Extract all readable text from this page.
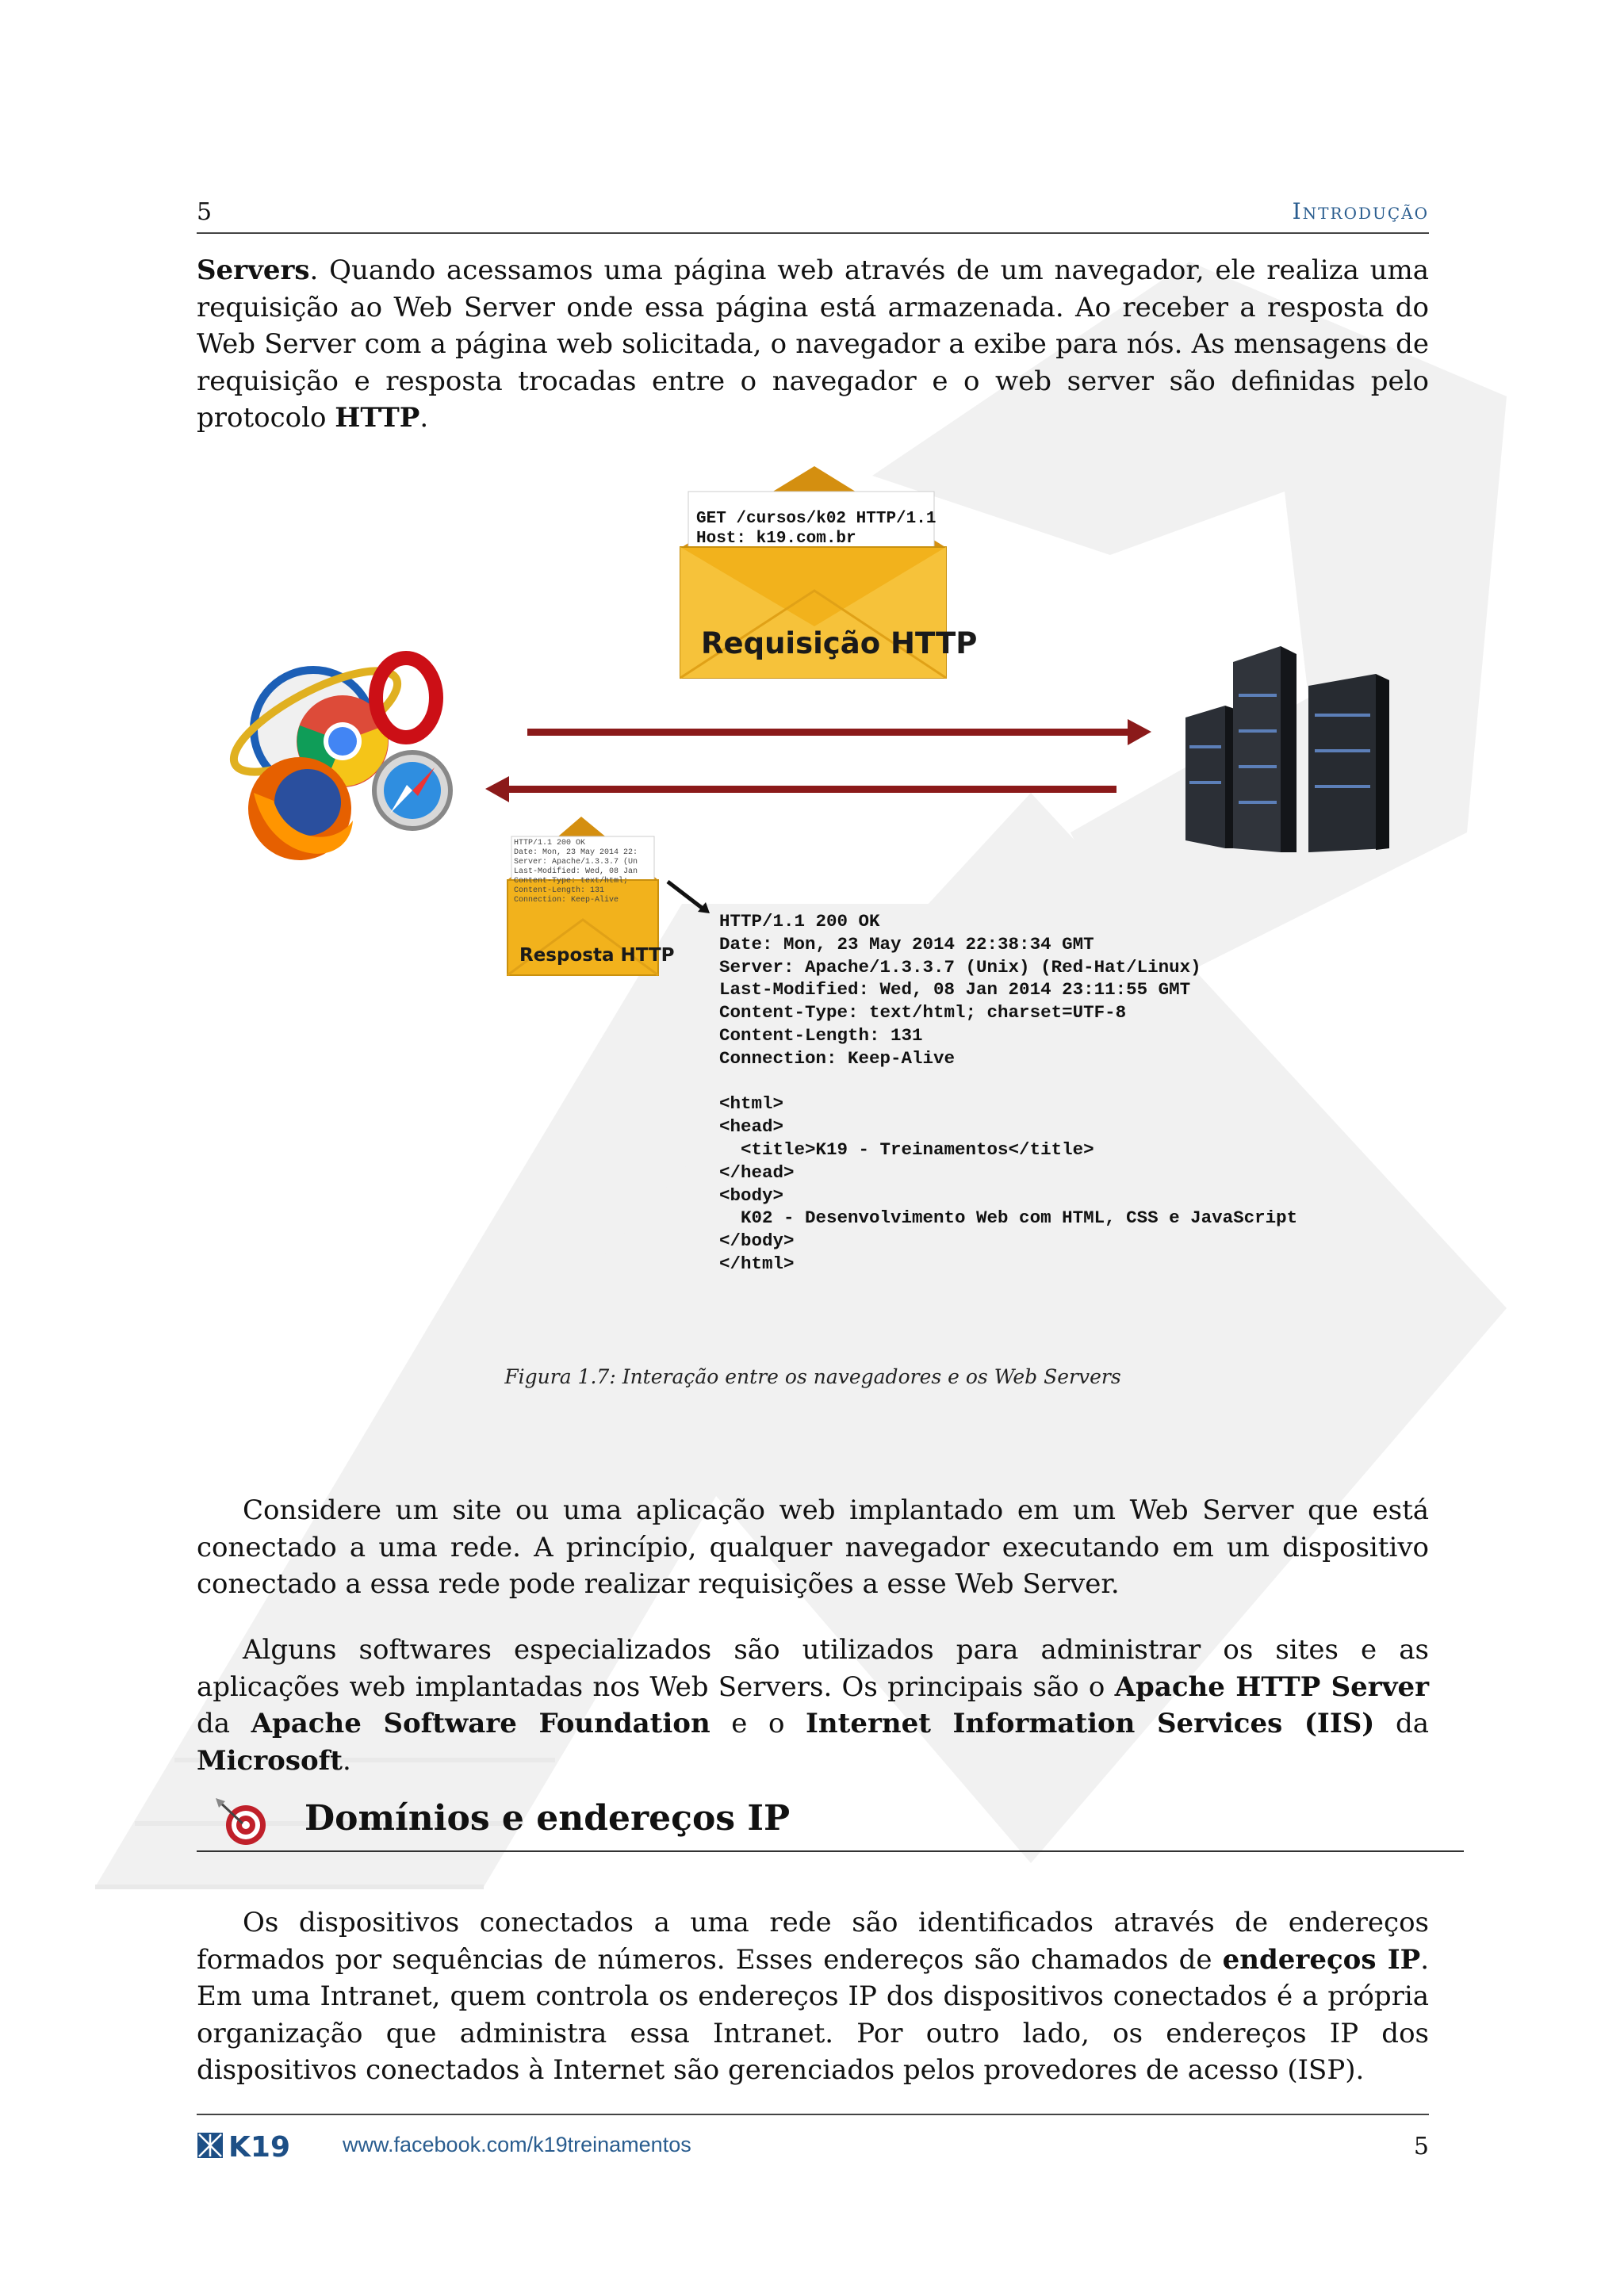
5	Introdução
Servers. Quando acessamos uma página web através de um navegador, ele realiza uma requisição ao Web Server onde essa página está armazenada. Ao receber a resposta do Web Server com a página web solicitada, o navegador a exibe para nós. As mensagens de requisição e resposta trocadas entre o navegador e o web server são definidas pelo protocolo HTTP.
GET /cursos/k02 HTTP/1.1
Host: k19.com.br
Requisição HTTP
HTTP/1.1 200 OK
Date: Mon, 23 May 2014 22:
Server: Apache/1.3.3.7 (Un
Last-Modified: Wed, 08 Jan
Content-Type: text/html;
Content-Length: 131
Connection: Keep-Alive
Resposta HTTP
HTTP/1.1 200 OK
Date: Mon, 23 May 2014 22:38:34 GMT
Server: Apache/1.3.3.7 (Unix) (Red-Hat/Linux)
Last-Modified: Wed, 08 Jan 2014 23:11:55 GMT
Content-Type: text/html; charset=UTF-8
Content-Length: 131
Connection: Keep-Alive

<html>
<head>
<title>K19 - Treinamentos</title>
</head>
<body>
K02 - Desenvolvimento Web com HTML, CSS e JavaScript
</body>
</html>
Figura 1.7: Interação entre os navegadores e os Web Servers
Considere um site ou uma aplicação web implantado em um Web Server que está conectado a uma rede. A princípio, qualquer navegador executando em um dispositivo conectado a essa rede pode realizar requisições a esse Web Server.
Alguns softwares especializados são utilizados para administrar os sites e as aplicações web implantadas nos Web Servers. Os principais são o Apache HTTP Server da Apache Software Foundation e o Internet Information Services (IIS) da Microsoft.
Domínios e endereços IP
Os dispositivos conectados a uma rede são identificados através de endereços formados por sequências de números. Esses endereços são chamados de endereços IP. Em uma Intranet, quem controla os endereços IP dos dispositivos conectados é a própria organização que administra essa Intranet. Por outro lado, os endereços IP dos dispositivos conectados à Internet são gerenciados pelos provedores de acesso (ISP).
K19 www.facebook.com/k19treinamentos	5
